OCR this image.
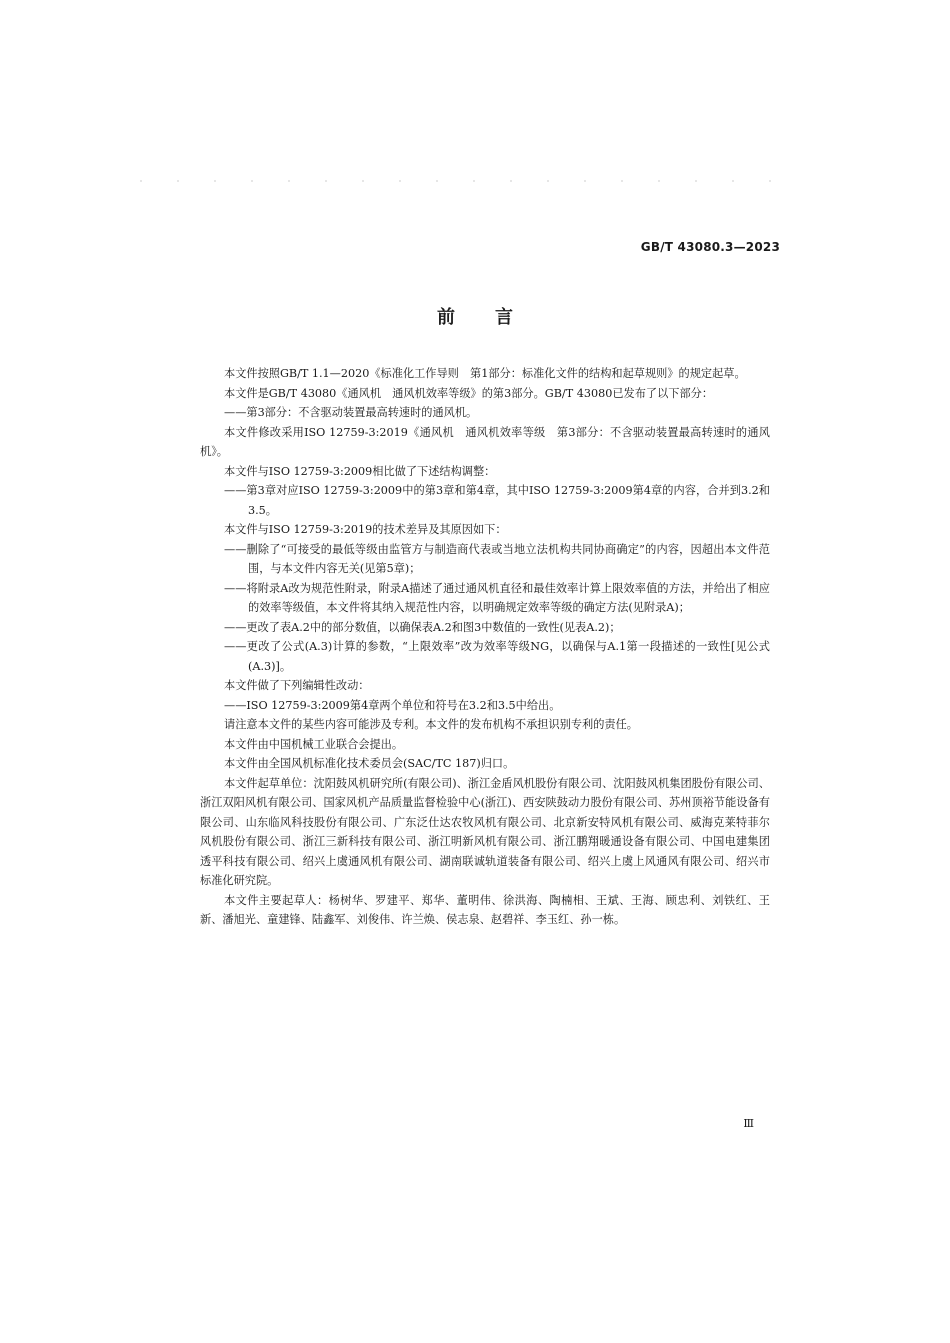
GB/T 43080.3—2023
前言

本文件按照GB/T 1.1—2020《标准化工作导则　第1部分：标准化文件的结构和起草规则》的规定起草。

本文件是GB/T 43080《通风机　通风机效率等级》的第3部分。GB/T 43080已发布了以下部分：

——第3部分：不含驱动装置最高转速时的通风机。

本文件修改采用ISO 12759-3:2019《通风机　通风机效率等级　第3部分：不含驱动装置最高转速时的通风机》。

本文件与ISO 12759-3:2009相比做了下述结构调整：

——第3章对应ISO 12759-3:2009中的第3章和第4章，其中ISO 12759-3:2009第4章的内容，合并到3.2和3.5。

本文件与ISO 12759-3:2019的技术差异及其原因如下：

——删除了“可接受的最低等级由监管方与制造商代表或当地立法机构共同协商确定”的内容，因超出本文件范围，与本文件内容无关(见第5章)；

——将附录A改为规范性附录，附录A描述了通过通风机直径和最佳效率计算上限效率值的方法，并给出了相应的效率等级值，本文件将其纳入规范性内容，以明确规定效率等级的确定方法(见附录A)；

——更改了表A.2中的部分数值，以确保表A.2和图3中数值的一致性(见表A.2)；

——更改了公式(A.3)计算的参数，“上限效率”改为效率等级NG，以确保与A.1第一段描述的一致性[见公式(A.3)]。

本文件做了下列编辑性改动：

——ISO 12759-3:2009第4章两个单位和符号在3.2和3.5中给出。

请注意本文件的某些内容可能涉及专利。本文件的发布机构不承担识别专利的责任。

本文件由中国机械工业联合会提出。

本文件由全国风机标准化技术委员会(SAC/TC 187)归口。

本文件起草单位：沈阳鼓风机研究所(有限公司)、浙江金盾风机股份有限公司、沈阳鼓风机集团股份有限公司、浙江双阳风机有限公司、国家风机产品质量监督检验中心(浙江)、西安陕鼓动力股份有限公司、苏州顶裕节能设备有限公司、山东临风科技股份有限公司、广东泛仕达农牧风机有限公司、北京新安特风机有限公司、威海克莱特菲尔风机股份有限公司、浙江三新科技有限公司、浙江明新风机有限公司、浙江鹏翔暖通设备有限公司、中国电建集团透平科技有限公司、绍兴上虞通风机有限公司、湖南联诚轨道装备有限公司、绍兴上虞上风通风有限公司、绍兴市标准化研究院。

本文件主要起草人：杨树华、罗建平、郑华、董明伟、徐洪海、陶楠相、王斌、王海、顾忠利、刘铁红、王新、潘旭光、童建锋、陆鑫军、刘俊伟、许兰焕、侯志泉、赵碧祥、李玉红、孙一栋。

Ⅲ
